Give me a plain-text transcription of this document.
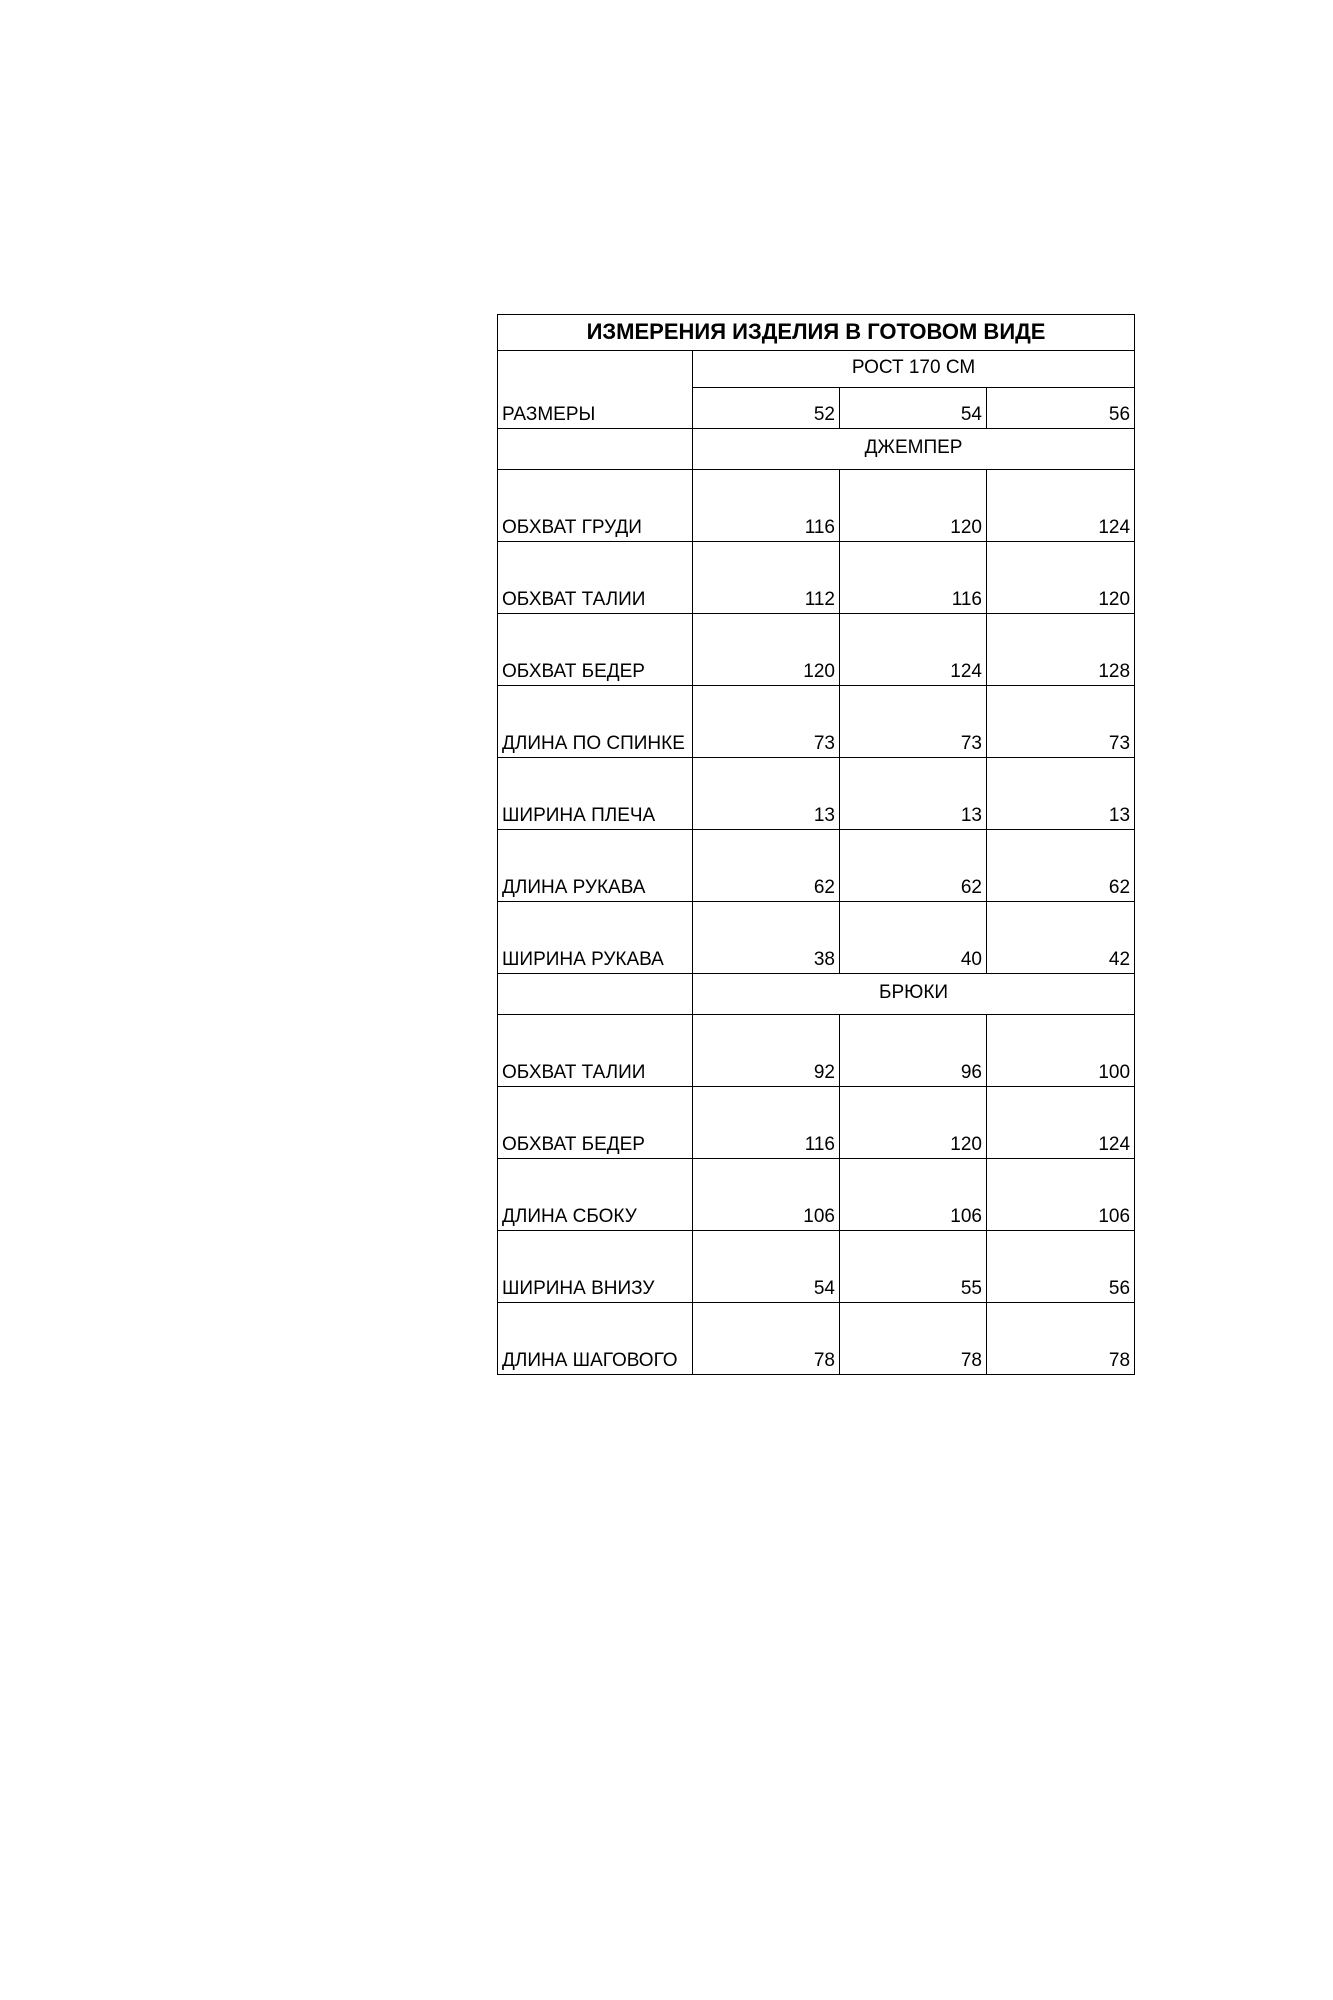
ИЗМЕРЕНИЯ ИЗДЕЛИЯ В ГОТОВОМ ВИДЕ			
РАЗМЕРЫ	РОСТ 170 СМ		
	52	54	56
	ДЖЕМПЕР		
ОБХВАТ ГРУДИ	116	120	124
ОБХВАТ ТАЛИИ	112	116	120
ОБХВАТ БЕДЕР	120	124	128
ДЛИНА ПО СПИНКЕ	73	73	73
ШИРИНА ПЛЕЧА	13	13	13
ДЛИНА РУКАВА	62	62	62
ШИРИНА РУКАВА	38	40	42
	БРЮКИ		
ОБХВАТ ТАЛИИ	92	96	100
ОБХВАТ БЕДЕР	116	120	124
ДЛИНА СБОКУ	106	106	106
ШИРИНА ВНИЗУ	54	55	56
ДЛИНА ШАГОВОГО	78	78	78
